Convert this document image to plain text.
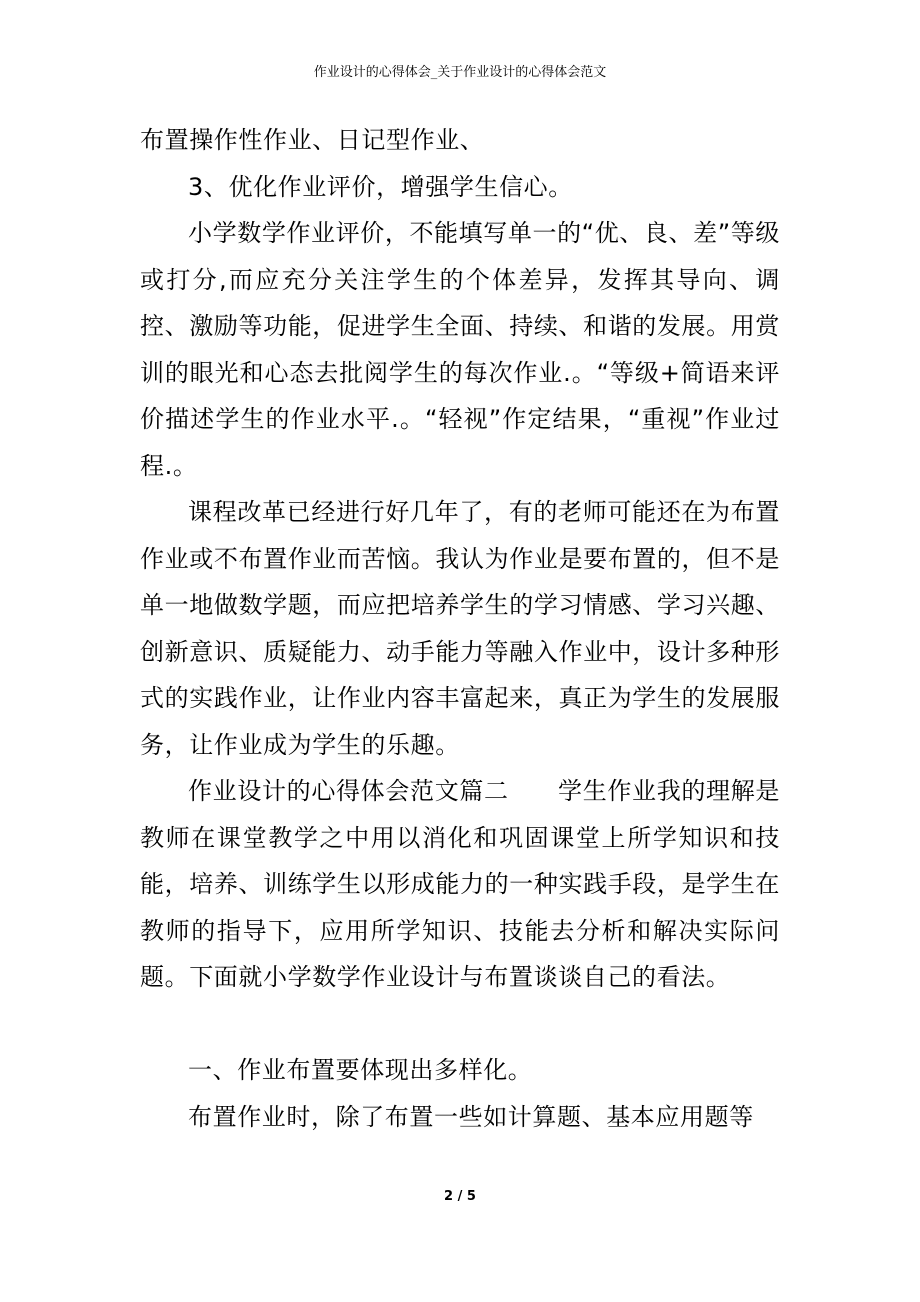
作业设计的心得体会_关于作业设计的心得体会范文

布置操作性作业、日记型作业、

3、优化作业评价，增强学生信心。

小学数学作业评价，不能填写单一的“优、良、差”等级或打分,而应充分关注学生的个体差异，发挥其导向、调控、激励等功能，促进学生全面、持续、和谐的发展。用赏训的眼光和心态去批阅学生的每次作业.。“等级+简语来评价描述学生的作业水平.。“轻视”作定结果，“重视”作业过程.。

课程改革已经进行好几年了，有的老师可能还在为布置作业或不布置作业而苦恼。我认为作业是要布置的，但不是单一地做数学题，而应把培养学生的学习情感、学习兴趣、创新意识、质疑能力、动手能力等融入作业中，设计多种形式的实践作业，让作业内容丰富起来，真正为学生的发展服务，让作业成为学生的乐趣。

作业设计的心得体会范文篇二　　学生作业我的理解是教师在课堂教学之中用以消化和巩固课堂上所学知识和技能，培养、训练学生以形成能力的一种实践手段，是学生在教师的指导下，应用所学知识、技能去分析和解决实际问题。下面就小学数学作业设计与布置谈谈自己的看法。

一、作业布置要体现出多样化。

布置作业时，除了布置一些如计算题、基本应用题等

2 / 5
